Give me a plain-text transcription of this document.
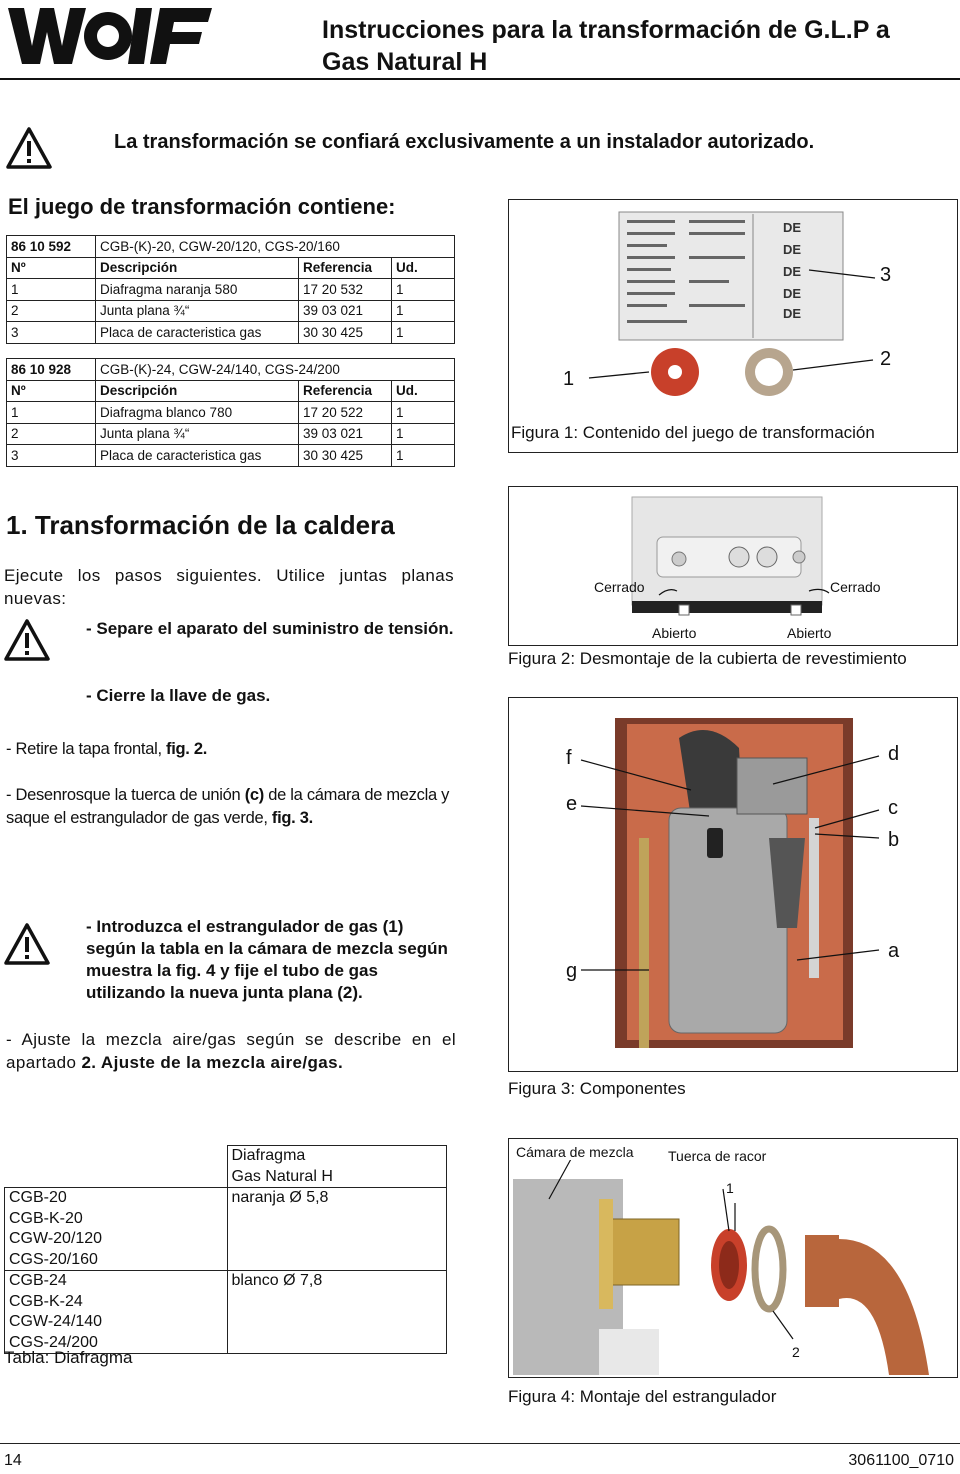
Instrucciones para la transformación de G.L.P a
Gas Natural H
La transformación se confiará exclusivamente a un instalador autorizado.
El juego de transformación contiene:
86 10 592	CGB-(K)-20, CGW-20/120, CGS-20/160		
Nº	Descripción	Referencia	Ud.
1	Diafragma naranja 580	17 20 532	1
2	Junta plana ¾“	39 03 021	1
3	Placa de caracteristica gas	30 30 425	1
86 10 928	CGB-(K)-24, CGW-24/140, CGS-24/200		
Nº	Descripción	Referencia	Ud.
1	Diafragma blanco 780	17 20 522	1
2	Junta plana ¾“	39 03 021	1
3	Placa de caracteristica gas	30 30 425	1
DE
DE
DE
DE
DE
3
2
1
Figura 1: Contenido del juego de transformación
1. Transformación de la caldera
Ejecute los pasos siguientes. Utilice juntas planas nuevas:
- Separe el aparato del suministro de tensión.
- Cierre la llave de gas.
- Retire la tapa frontal, fig. 2.
- Desenrosque la tuerca de unión (c) de la cámara de mezcla y saque el estrangulador de gas verde, fig. 3.
- Introduzca el estrangulador de gas (1) según la tabla en la cámara de mezcla según muestra la fig. 4 y fije el tubo de gas utilizando la nueva junta plana (2).
- Ajuste la mezcla aire/gas según se describe en el apartado 2. Ajuste de la mezcla aire/gas.
Cerrado	Cerrado
Abierto	Abierto
Figura 2: Desmontaje de la cubierta de revestimiento
f	d
e	c
b
g
a
Figura 3: Componentes

	Diafragma
Gas Natural H

CGB-20
CGB-K-20
CGW-20/120
CGS-20/160	naranja Ø 5,8

CGB-24
CGB-K-24
CGW-24/140
CGS-24/200	blanco Ø 7,8
Tabla: Diafragma
Cámara de mezcla Tuerca de racor
1
2
Figura 4: Montaje del estrangulador
14	3061100_0710
